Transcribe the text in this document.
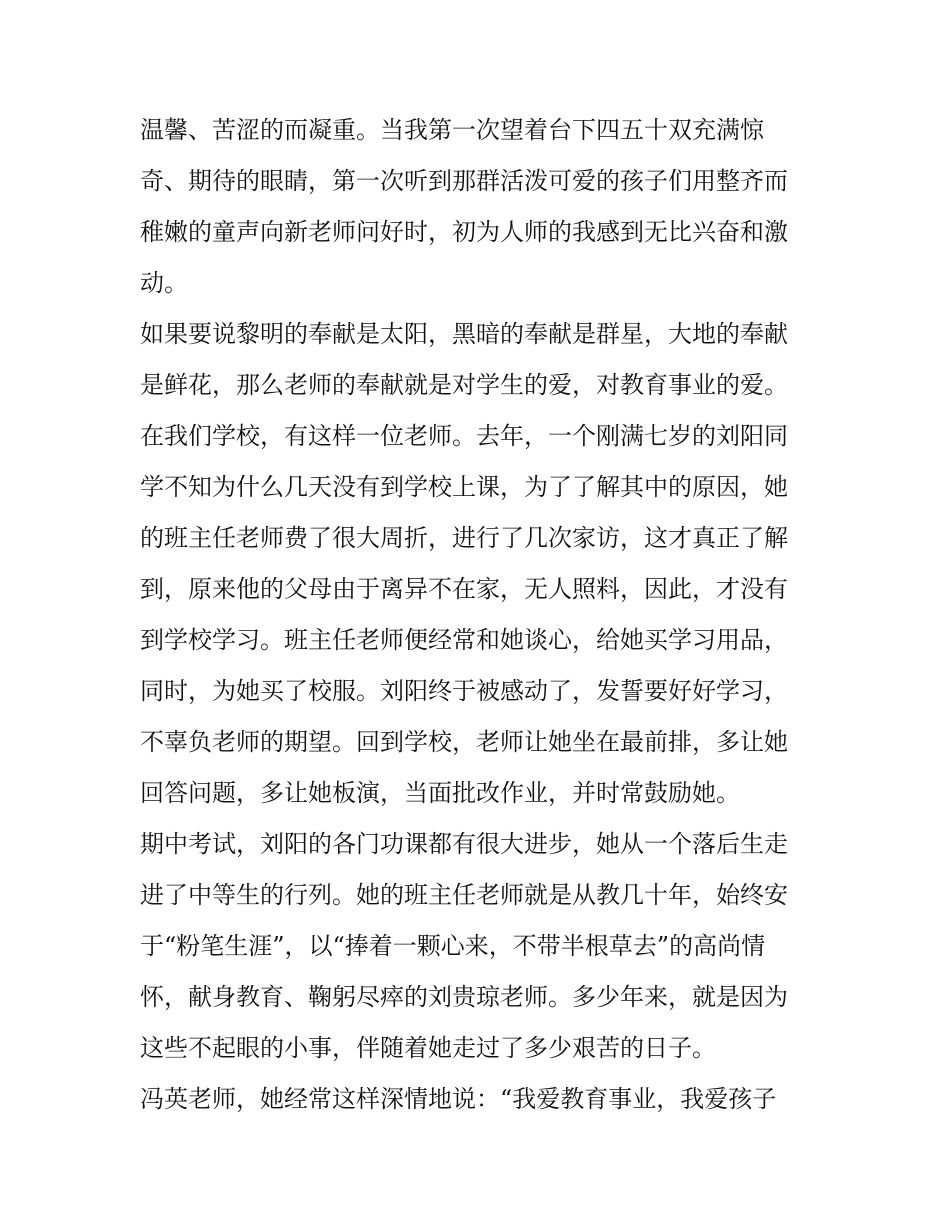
温馨、苦涩的而凝重。当我第一次望着台下四五十双充满惊
奇、期待的眼睛，第一次听到那群活泼可爱的孩子们用整齐而
稚嫩的童声向新老师问好时，初为人师的我感到无比兴奋和激
动。
如果要说黎明的奉献是太阳，黑暗的奉献是群星，大地的奉献
是鲜花，那么老师的奉献就是对学生的爱，对教育事业的爱。
在我们学校，有这样一位老师。去年，一个刚满七岁的刘阳同
学不知为什么几天没有到学校上课，为了了解其中的原因，她
的班主任老师费了很大周折，进行了几次家访，这才真正了解
到，原来他的父母由于离异不在家，无人照料，因此，才没有
到学校学习。班主任老师便经常和她谈心，给她买学习用品，
同时，为她买了校服。刘阳终于被感动了，发誓要好好学习，
不辜负老师的期望。回到学校，老师让她坐在最前排，多让她
回答问题，多让她板演，当面批改作业，并时常鼓励她。
期中考试，刘阳的各门功课都有很大进步，她从一个落后生走
进了中等生的行列。她的班主任老师就是从教几十年，始终安
于“粉笔生涯”，以“捧着一颗心来，不带半根草去”的高尚情
怀，献身教育、鞠躬尽瘁的刘贵琼老师。多少年来，就是因为
这些不起眼的小事，伴随着她走过了多少艰苦的日子。
冯英老师，她经常这样深情地说：“我爱教育事业，我爱孩子
